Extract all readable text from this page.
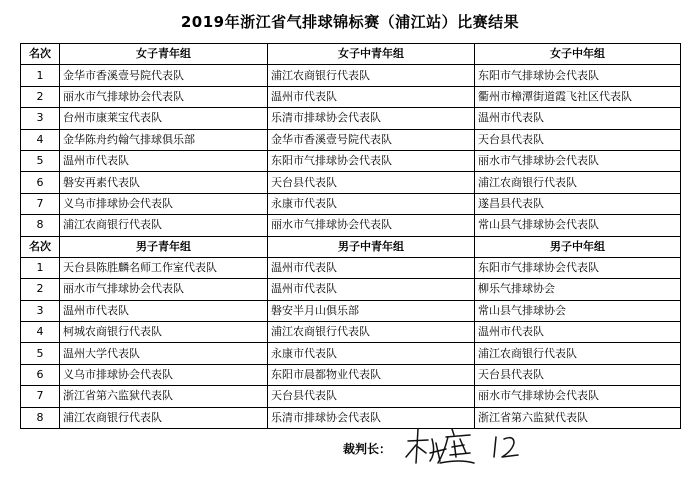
2019年浙江省气排球锦标赛（浦江站）比赛结果
名次	女子青年组	女子中青年组	女子中年组
1	金华市香溪壹号院代表队	浦江农商银行代表队	东阳市气排球协会代表队
2	丽水市气排球协会代表队	温州市代表队	衢州市樟潭街道霞飞社区代表队
3	台州市康莱宝代表队	乐清市排球协会代表队	温州市代表队
4	金华陈舟约翰气排球俱乐部	金华市香溪壹号院代表队	天台县代表队
5	温州市代表队	东阳市气排球协会代表队	丽水市气排球协会代表队
6	磐安再素代表队	天台县代表队	浦江农商银行代表队
7	义乌市排球协会代表队	永康市代表队	遂昌县代表队
8	浦江农商银行代表队	丽水市气排球协会代表队	常山县气排球协会代表队
名次	男子青年组	男子中青年组	男子中年组
1	天台县陈胜麟名师工作室代表队	温州市代表队	东阳市气排球协会代表队
2	丽水市气排球协会代表队	温州市代表队	柳乐气排球协会
3	温州市代表队	磐安半月山俱乐部	常山县气排球协会
4	柯城农商银行代表队	浦江农商银行代表队	温州市代表队
5	温州大学代表队	永康市代表队	浦江农商银行代表队
6	义乌市排球协会代表队	东阳市晨都物业代表队	天台县代表队
7	浙江省第六监狱代表队	天台县代表队	丽水市气排球协会代表队
8	浦江农商银行代表队	乐清市排球协会代表队	浙江省第六监狱代表队
裁判长：
